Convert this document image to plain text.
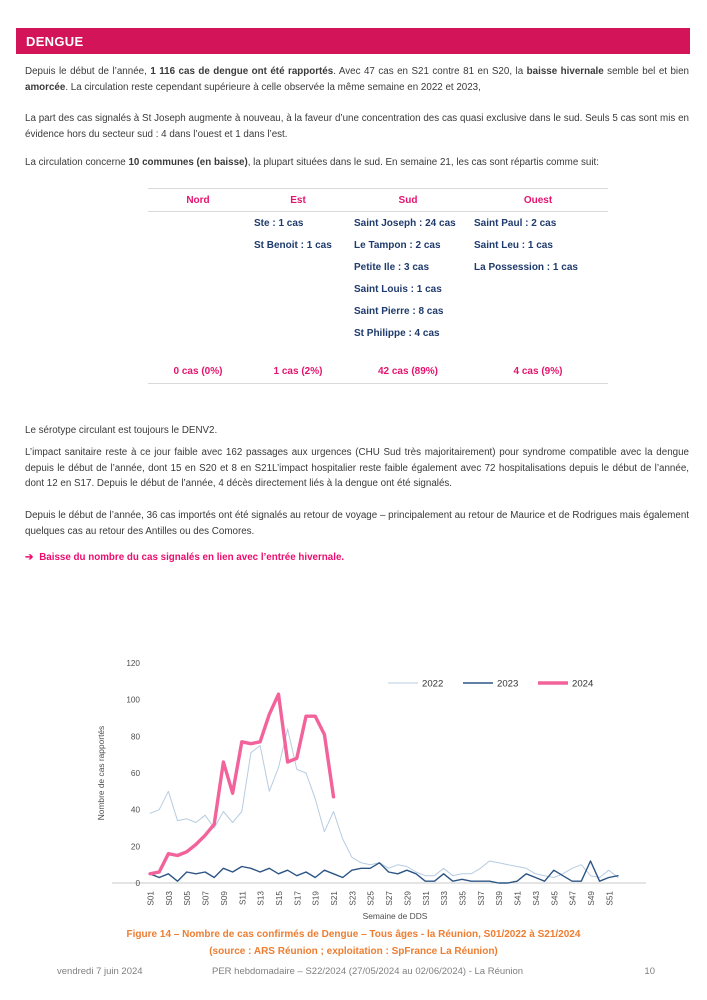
DENGUE

Depuis le début de l’année, 1 116 cas de dengue ont été rapportés. Avec 47 cas en S21 contre 81 en S20, la baisse hivernale semble bel et bien amorcée. La circulation reste cependant supérieure à celle observée la même semaine en 2022 et 2023,

La part des cas signalés à St Joseph augmente à nouveau, à la faveur d’une concentration des cas quasi exclusive dans le sud. Seuls 5 cas sont mis en évidence hors du secteur sud : 4 dans l’ouest et 1 dans l’est.

La circulation concerne 10 communes (en baisse), la plupart situées dans le sud. En semaine 21, les cas sont répartis comme suit:

Nord	Est	Sud	Ouest
	Ste : 1 cas	Saint Joseph : 24 cas	Saint Paul : 2 cas
	St Benoit : 1 cas	Le Tampon : 2 cas	Saint Leu : 1 cas
		Petite Ile : 3 cas	La Possession : 1 cas
		Saint Louis : 1 cas	
		Saint Pierre : 8 cas	
		St Philippe : 4 cas	
0 cas (0%)	1 cas (2%)	42 cas (89%)	4 cas (9%)

Le sérotype circulant est toujours le DENV2.

L’impact sanitaire reste à ce jour faible avec 162 passages aux urgences (CHU Sud très majoritairement) pour syndrome compatible avec la dengue depuis le début de l’année, dont 15 en S20 et 8 en S21L’impact hospitalier reste faible également avec 72 hospitalisations depuis le début de l’année, dont 12 en S17. Depuis le début de l’année, 4 décès directement liés à la dengue ont été signalés.

Depuis le début de l’année, 36 cas importés ont été signalés au retour de voyage – principalement au retour de Maurice et de Rodrigues mais également quelques cas au retour des Antilles ou des Comores.

➔ Baisse du nombre du cas signalés en lien avec l’entrée hivernale.

0
20
40
60
80
100
120
S01 S03 S05 S07 S09 S11 S13 S15 S17 S19 S21 S23 S25 S27 S29 S31 S33 S35 S37 S39 S41 S43 S45 S47 S49 S51
Nombre de cas rapportés
Semaine de DDS
2022	2023	2024
Figure 14 – Nombre de cas confirmés de Dengue – Tous âges - la Réunion, S01/2022 à S21/2024
(source : ARS Réunion ; exploitation : SpFrance La Réunion)
vendredi 7 juin 2024	PER hebdomadaire – S22/2024 (27/05/2024 au 02/06/2024) - La Réunion	10
